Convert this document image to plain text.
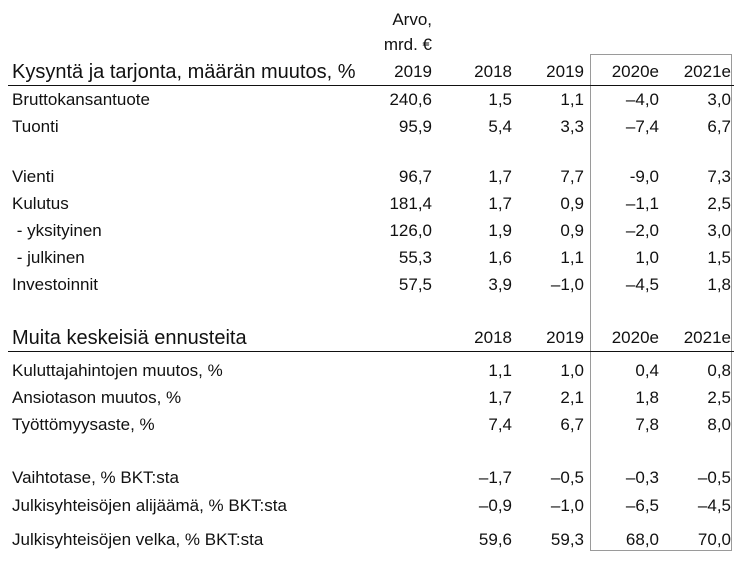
Arvo,
mrd. €
Kysyntä ja tarjonta, määrän muutos, %	2019	2018	2019	2020e	2021e
Bruttokansantuote	240,6	1,5	1,1	–4,0	3,0
Tuonti	95,9	5,4	3,3	–7,4	6,7
Vienti	96,7	1,7	7,7	-9,0	7,3
Kulutus	181,4	1,7	0,9	–1,1	2,5
- yksityinen	126,0	1,9	0,9	–2,0	3,0
- julkinen	55,3	1,6	1,1	1,0	1,5
Investoinnit	57,5	3,9	–1,0	–4,5	1,8
Muita keskeisiä ennusteita	2018	2019	2020e	2021e
Kuluttajahintojen muutos, %	1,1	1,0	0,4	0,8
Ansiotason muutos, %	1,7	2,1	1,8	2,5
Työttömyysaste, %	7,4	6,7	7,8	8,0
Vaihtotase, % BKT:sta	–1,7	–0,5	–0,3	–0,5
Julkisyhteisöjen alijäämä, % BKT:sta	–0,9	–1,0	–6,5	–4,5
Julkisyhteisöjen velka, % BKT:sta	59,6	59,3	68,0	70,0
